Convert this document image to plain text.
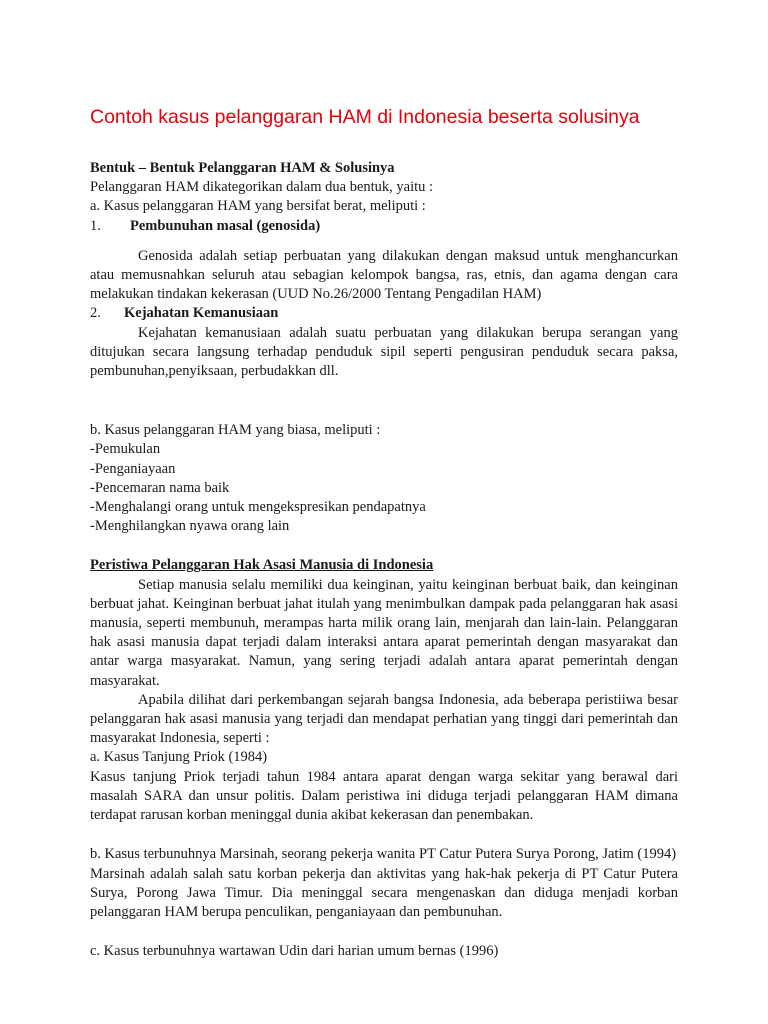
Contoh kasus pelanggaran HAM di Indonesia beserta solusinya

Bentuk – Bentuk Pelanggaran HAM & Solusinya

Pelanggaran HAM dikategorikan dalam dua bentuk, yaitu :

a. Kasus pelanggaran HAM yang bersifat berat, meliputi :

1. Pembunuhan masal (genosida)

Genosida adalah setiap perbuatan yang dilakukan dengan maksud untuk menghancurkan atau memusnahkan seluruh atau sebagian kelompok bangsa, ras, etnis, dan agama dengan cara melakukan tindakan kekerasan (UUD No.26/2000 Tentang Pengadilan HAM)

2. Kejahatan Kemanusiaan

Kejahatan kemanusiaan adalah suatu perbuatan yang dilakukan berupa serangan yang ditujukan secara langsung terhadap penduduk sipil seperti pengusiran penduduk secara paksa, pembunuhan,penyiksaan, perbudakkan dll.

b. Kasus pelanggaran HAM yang biasa, meliputi :

-Pemukulan

-Penganiayaan

-Pencemaran nama baik

-Menghalangi orang untuk mengekspresikan pendapatnya

-Menghilangkan nyawa orang lain

Peristiwa Pelanggaran Hak Asasi Manusia di Indonesia

Setiap manusia selalu memiliki dua keinginan, yaitu keinginan berbuat baik, dan keinginan berbuat jahat. Keinginan berbuat jahat itulah yang menimbulkan dampak pada pelanggaran hak asasi manusia, seperti membunuh, merampas harta milik orang lain, menjarah dan lain-lain. Pelanggaran hak asasi manusia dapat terjadi dalam interaksi antara aparat pemerintah dengan masyarakat dan antar warga masyarakat. Namun, yang sering terjadi adalah antara aparat pemerintah dengan masyarakat.

Apabila dilihat dari perkembangan sejarah bangsa Indonesia, ada beberapa peristiiwa besar pelanggaran hak asasi manusia yang terjadi dan mendapat perhatian yang tinggi dari pemerintah dan masyarakat Indonesia, seperti :

a. Kasus Tanjung Priok (1984)

Kasus tanjung Priok terjadi tahun 1984 antara aparat dengan warga sekitar yang berawal dari masalah SARA dan unsur politis. Dalam peristiwa ini diduga terjadi pelanggaran HAM dimana terdapat rarusan korban meninggal dunia akibat kekerasan dan penembakan.

b. Kasus terbunuhnya Marsinah, seorang pekerja wanita PT Catur Putera Surya Porong, Jatim (1994)

Marsinah adalah salah satu korban pekerja dan aktivitas yang hak-hak pekerja di PT Catur Putera Surya, Porong Jawa Timur. Dia meninggal secara mengenaskan dan diduga menjadi korban pelanggaran HAM berupa penculikan, penganiayaan dan pembunuhan.

c. Kasus terbunuhnya wartawan Udin dari harian umum bernas (1996)
